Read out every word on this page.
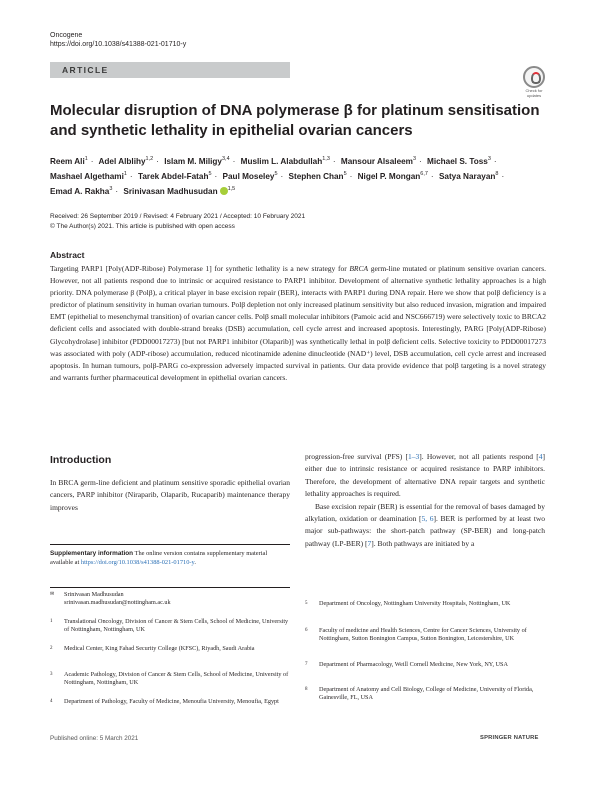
Oncogene
https://doi.org/10.1038/s41388-021-01710-y
ARTICLE
Check for
updates
Molecular disruption of DNA polymerase β for platinum sensitisation
and synthetic lethality in epithelial ovarian cancers
Reem Ali$^1$ · Adel Alblihy$^{1,2}$ · Islam M. Miligy$^{3,4}$ · Muslim L. Alabdullah$^{1,3}$ · Mansour Alsaleem$^3$ · Michael S. Toss$^3$ ·
Mashael Algethami$^1$ · Tarek Abdel-Fatah$^5$ · Paul Moseley$^5$ · Stephen Chan$^5$ · Nigel P. Mongan$^{6,7}$ · Satya Narayan$^8$ ·
Emad A. Rakha$^3$ · Srinivasan Madhusudan $^{1,5}$
Received: 26 September 2019 / Revised: 4 February 2021 / Accepted: 10 February 2021
© The Author(s) 2021. This article is published with open access
Abstract
Targeting PARP1 [Poly(ADP-Ribose) Polymerase 1] for synthetic lethality is a new strategy for BRCA germ-line mutated or platinum sensitive ovarian cancers. However, not all patients respond due to intrinsic or acquired resistance to PARP1 inhibitor. Development of alternative synthetic lethality approaches is a high priority. DNA polymerase β (Polβ), a critical player in base excision repair (BER), interacts with PARP1 during DNA repair. Here we show that polβ deficiency is a predictor of platinum sensitivity in human ovarian tumours. Polβ depletion not only increased platinum sensitivity but also reduced invasion, migration and impaired EMT (epithelial to mesenchymal transition) of ovarian cancer cells. Polβ small molecular inhibitors (Pamoic acid and NSC666719) were selectively toxic to BRCA2 deficient cells and associated with double-strand breaks (DSB) accumulation, cell cycle arrest and increased apoptosis. Interestingly, PARG [Poly(ADP-Ribose) Glycohydrolase] inhibitor (PDD00017273) [but not PARP1 inhibitor (Olaparib)] was synthetically lethal in polβ deficient cells. Selective toxicity to PDD00017273 was associated with poly (ADP-ribose) accumulation, reduced nicotinamide adenine dinucleotide (NAD⁺) level, DSB accumulation, cell cycle arrest and increased apoptosis. In human tumours, polβ-PARG co-expression adversely impacted survival in patients. Our data provide evidence that polβ targeting is a novel strategy and warrants further pharmaceutical development in epithelial ovarian cancers.
Introduction
In BRCA germ-line deficient and platinum sensitive sporadic epithelial ovarian cancers, PARP inhibitor (Niraparib, Olaparib, Rucaparib) maintenance therapy improves

progression-free survival (PFS) [1–3]. However, not all patients respond [4] either due to intrinsic resistance or acquired resistance to PARP inhibitors. Therefore, the development of alternative DNA repair targets and synthetic lethality approaches is required.

Base excision repair (BER) is essential for the removal of bases damaged by alkylation, oxidation or deamination [5, 6]. BER is performed by at least two major sub-pathways: the short-patch pathway (SP-BER) and long-patch pathway (LP-BER) [7]. Both pathways are initiated by a

Supplementary information The online version contains supplementary material available at https://doi.org/10.1038/s41388-021-01710-y.
✉ Srinivasan Madhusudan
srinivasan.madhusudan@nottingham.ac.uk
1 Translational Oncology, Division of Cancer & Stem Cells, School of Medicine, University of Nottingham, Nottingham, UK
2 Medical Center, King Fahad Security College (KFSC), Riyadh, Saudi Arabia
3 Academic Pathology, Division of Cancer & Stem Cells, School of Medicine, University of Nottingham, Nottingham, UK
4 Department of Pathology, Faculty of Medicine, Menoufia University, Menoufia, Egypt
5 Department of Oncology, Nottingham University Hospitals, Nottingham, UK
6 Faculty of medicine and Health Sciences, Centre for Cancer Sciences, University of Nottingham, Sutton Bonington Campus, Sutton Bonington, Leicestershire, UK
7 Department of Pharmacology, Weill Cornell Medicine, New York, NY, USA
8 Department of Anatomy and Cell Biology, College of Medicine, University of Florida, Gainesville, FL, USA
Published online: 5 March 2021	SPRINGER NATURE
